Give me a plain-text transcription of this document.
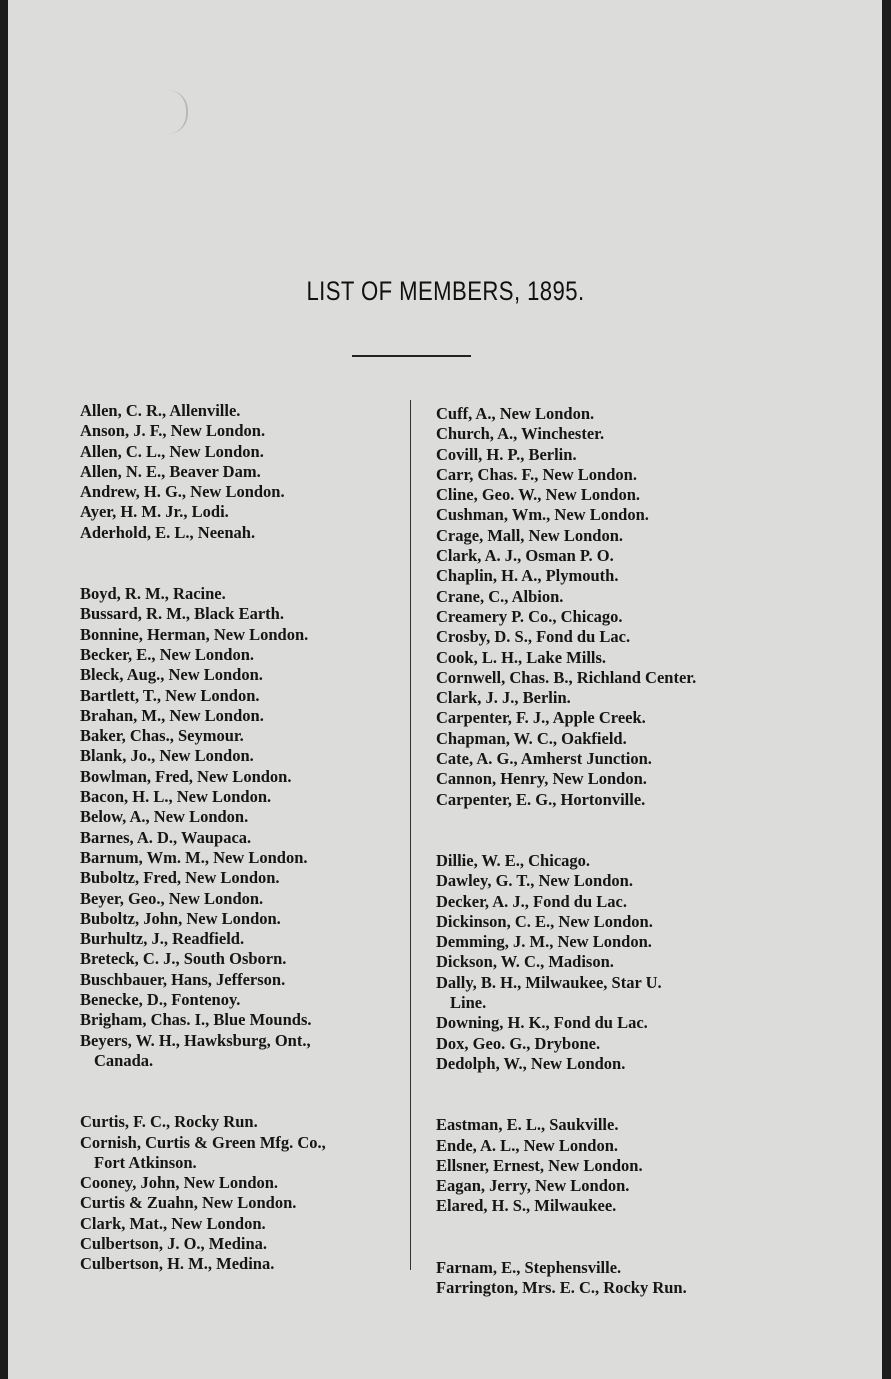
LIST OF MEMBERS, 1895.
Allen, C. R., Allenville.
Anson, J. F., New London.
Allen, C. L., New London.
Allen, N. E., Beaver Dam.
Andrew, H. G., New London.
Ayer, H. M. Jr., Lodi.
Aderhold, E. L., Neenah.
Boyd, R. M., Racine.
Bussard, R. M., Black Earth.
Bonnine, Herman, New London.
Becker, E., New London.
Bleck, Aug., New London.
Bartlett, T., New London.
Brahan, M., New London.
Baker, Chas., Seymour.
Blank, Jo., New London.
Bowlman, Fred, New London.
Bacon, H. L., New London.
Below, A., New London.
Barnes, A. D., Waupaca.
Barnum, Wm. M., New London.
Buboltz, Fred, New London.
Beyer, Geo., New London.
Buboltz, John, New London.
Burhultz, J., Readfield.
Breteck, C. J., South Osborn.
Buschbauer, Hans, Jefferson.
Benecke, D., Fontenoy.
Brigham, Chas. I., Blue Mounds.
Beyers, W. H., Hawksburg, Ont.,
Canada.
Curtis, F. C., Rocky Run.
Cornish, Curtis & Green Mfg. Co.,
Fort Atkinson.
Cooney, John, New London.
Curtis & Zuahn, New London.
Clark, Mat., New London.
Culbertson, J. O., Medina.
Culbertson, H. M., Medina.
Cuff, A., New London.
Church, A., Winchester.
Covill, H. P., Berlin.
Carr, Chas. F., New London.
Cline, Geo. W., New London.
Cushman, Wm., New London.
Crage, Mall, New London.
Clark, A. J., Osman P. O.
Chaplin, H. A., Plymouth.
Crane, C., Albion.
Creamery P. Co., Chicago.
Crosby, D. S., Fond du Lac.
Cook, L. H., Lake Mills.
Cornwell, Chas. B., Richland Center.
Clark, J. J., Berlin.
Carpenter, F. J., Apple Creek.
Chapman, W. C., Oakfield.
Cate, A. G., Amherst Junction.
Cannon, Henry, New London.
Carpenter, E. G., Hortonville.
Dillie, W. E., Chicago.
Dawley, G. T., New London.
Decker, A. J., Fond du Lac.
Dickinson, C. E., New London.
Demming, J. M., New London.
Dickson, W. C., Madison.
Dally, B. H., Milwaukee, Star U.
Line.
Downing, H. K., Fond du Lac.
Dox, Geo. G., Drybone.
Dedolph, W., New London.
Eastman, E. L., Saukville.
Ende, A. L., New London.
Ellsner, Ernest, New London.
Eagan, Jerry, New London.
Elared, H. S., Milwaukee.
Farnam, E., Stephensville.
Farrington, Mrs. E. C., Rocky Run.
